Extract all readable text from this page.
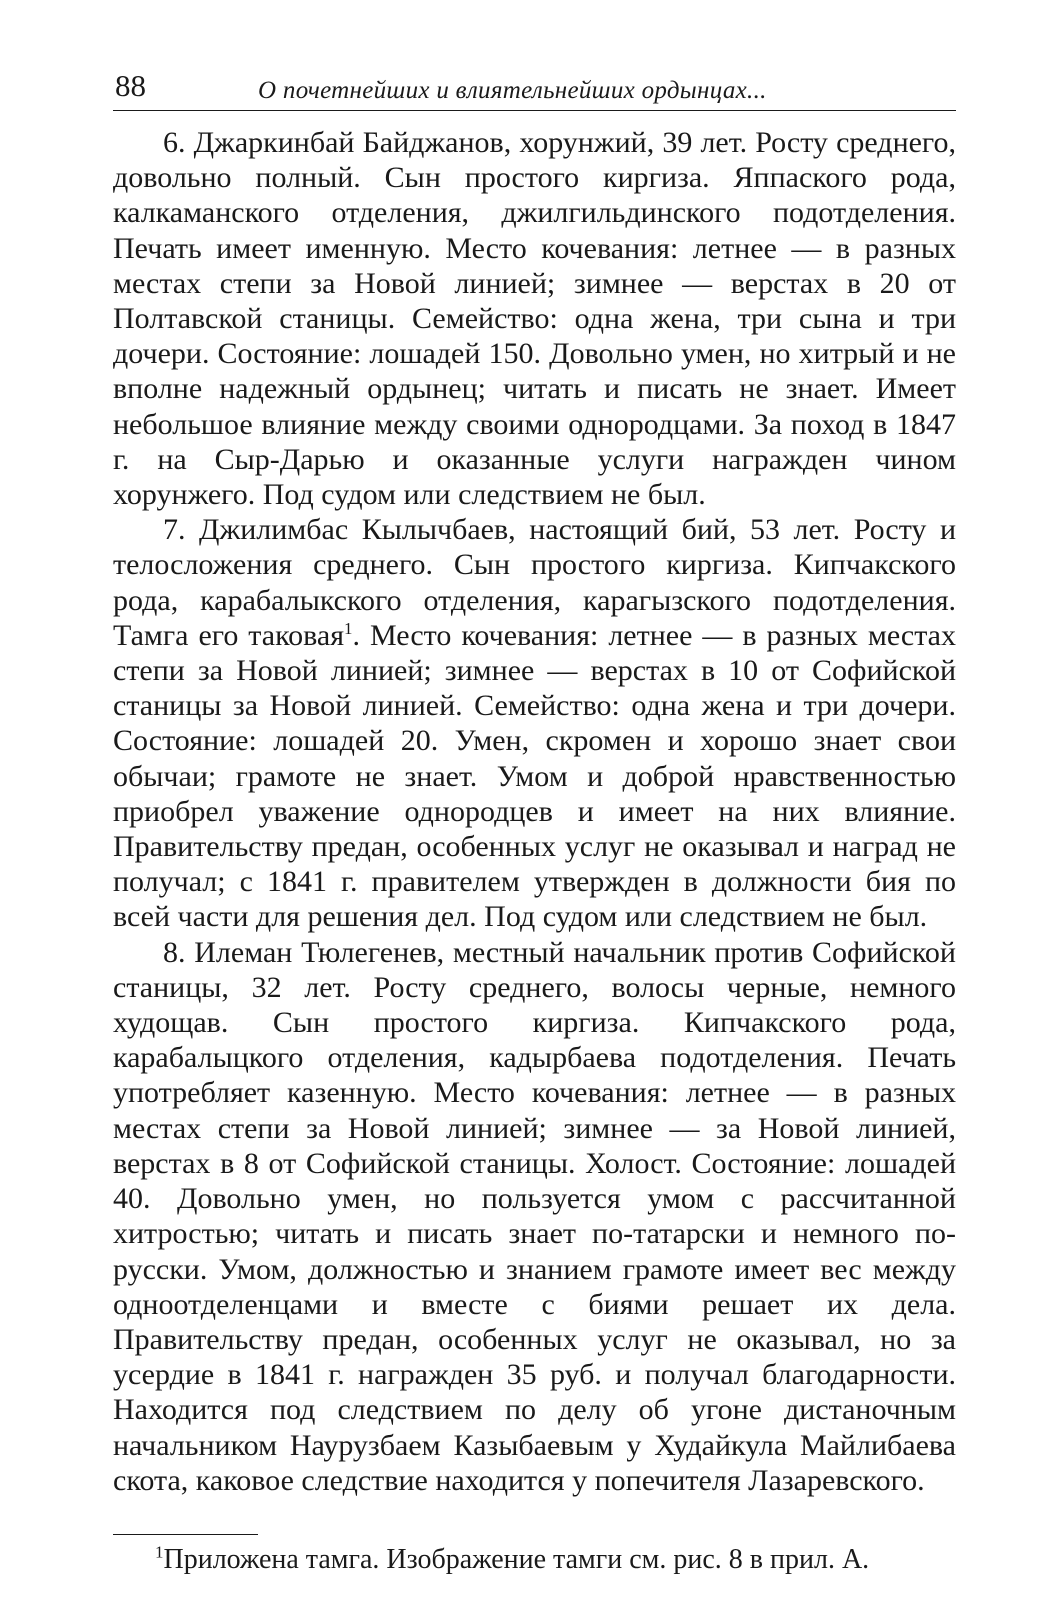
88	О почетнейших и влиятельнейших ордынцах...

6. Джаркинбай Байджанов, хорунжий, 39 лет. Росту среднего, довольно полный. Сын простого киргиза. Яппаского рода, калкаманского отделения, джилгильдинского подотделения. Печать имеет именную. Место кочевания: летнее — в разных местах степи за Новой линией; зимнее — верстах в 20 от Полтавской станицы. Семейство: одна жена, три сына и три дочери. Состояние: лошадей 150. Довольно умен, но хитрый и не вполне надежный ордынец; читать и писать не знает. Имеет небольшое влияние между своими однородцами. За поход в 1847 г. на Сыр-Дарью и оказанные услуги награжден чином хорунжего. Под судом или следствием не был.

7. Джилимбас Кылычбаев, настоящий бий, 53 лет. Росту и телосложения среднего. Сын простого киргиза. Кипчакского рода, карабалыкского отделения, карагызского подотделения. Тамга его таковая$^1$. Место кочевания: летнее — в разных местах степи за Новой линией; зимнее — верстах в 10 от Софийской станицы за Новой линией. Семейство: одна жена и три дочери. Состояние: лошадей 20. Умен, скромен и хорошо знает свои обычаи; грамоте не знает. Умом и доброй нравственностью приобрел уважение однородцев и имеет на них влияние. Правительству предан, особенных услуг не оказывал и наград не получал; с 1841 г. правителем утвержден в должности бия по всей части для решения дел. Под судом или следствием не был.

8. Илеман Тюлегенев, местный начальник против Софийской станицы, 32 лет. Росту среднего, волосы черные, немного худощав. Сын простого киргиза. Кипчакского рода, карабалыцкого отделения, кадырбаева подотделения. Печать употребляет казенную. Место кочевания: летнее — в разных местах степи за Новой линией; зимнее — за Новой линией, верстах в 8 от Софийской станицы. Холост. Состояние: лошадей 40. Довольно умен, но пользуется умом с рассчитанной хитростью; читать и писать знает по-татарски и немного по-русски. Умом, должностью и знанием грамоте имеет вес между одноотделенцами и вместе с биями решает их дела. Правительству предан, особенных услуг не оказывал, но за усердие в 1841 г. награжден 35 руб. и получал благодарности. Находится под следствием по делу об угоне дистаночным начальником Наурузбаем Казыбаевым у Худайкула Майлибаева скота, каковое следствие находится у попечителя Лазаревского.

$^1$Приложена тамга. Изображение тамги см. рис. 8 в прил. А.
